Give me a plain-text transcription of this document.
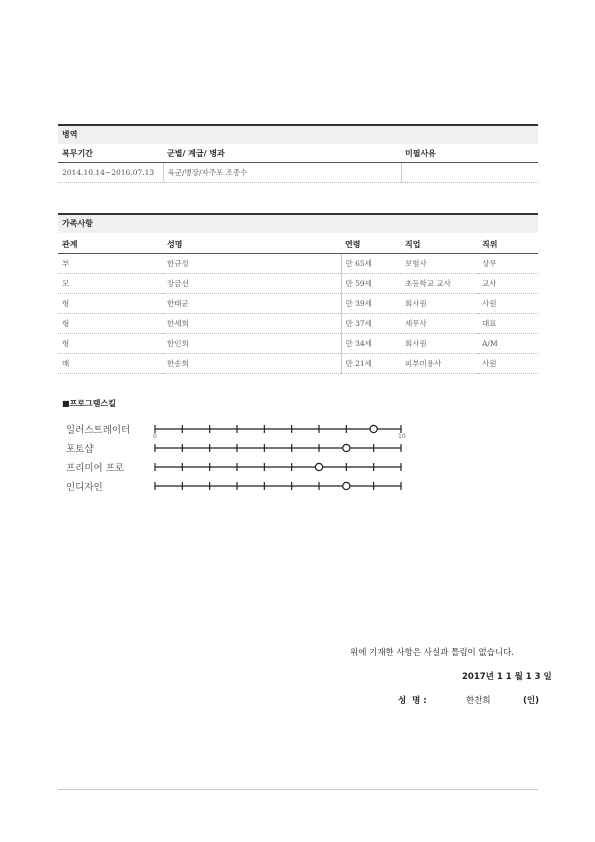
병역
복무기간	군별/ 계급/ 병과	미필사유
2014.10.14~2016.07.13	육군/병장/자주포 조종수	
가족사항
관계	성명	연령	직업	직위
부	한규성	만 65세	보험사	상무
모	장금선	만 59세	초등학교 교사	교사
형	한태균	만 39세	회사원	사원
형	한세희	만 37세	세무사	대표
형	한인희	만 34세	회사원	A/M
매	한송희	만 21세	피부미용사	사원
■프로그램스킬
일러스트레이터
포토샵
프리미어 프로
인디자인
0	10
위에 기재한 사항은 사실과 틀림이 없습니다.
2017년 1 1 월 1 3 일
성  명 :	한찬희	(인)
